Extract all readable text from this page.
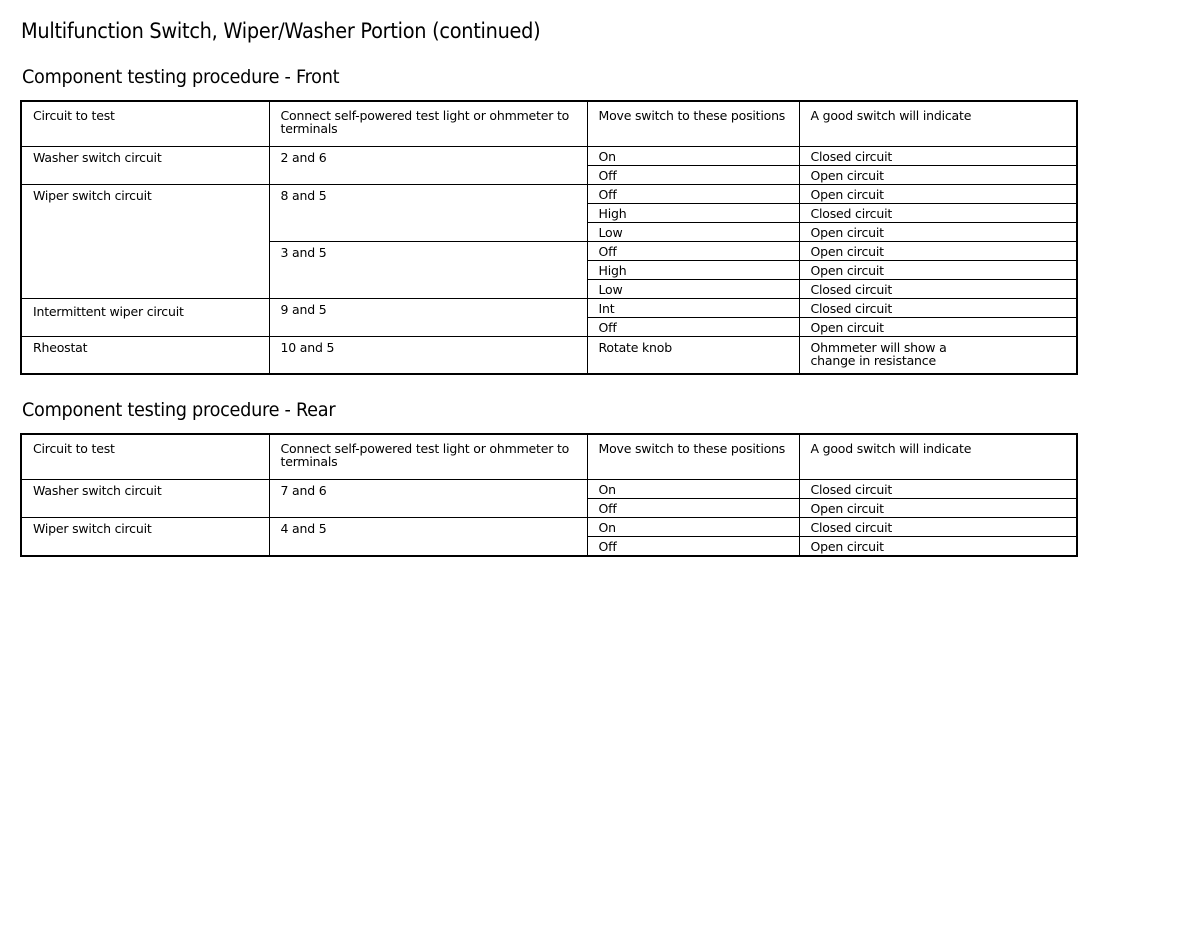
Multifunction Switch, Wiper/Washer Portion (continued)
Component testing procedure - Front
Circuit to test	Connect self-powered test light or ohmmeter to terminals	Move switch to these positions	A good switch will indicate
Washer switch circuit	2 and 6	On	Closed circuit
		Off	Open circuit
Wiper switch circuit	8 and 5	Off	Open circuit
		High	Closed circuit
		Low	Open circuit
	3 and 5	Off	Open circuit
		High	Open circuit
		Low	Closed circuit
Intermittent wiper circuit	9 and 5	Int	Closed circuit
		Off	Open circuit
Rheostat	10 and 5	Rotate knob	Ohmmeter will show a change in resistance
Component testing procedure - Rear
Circuit to test	Connect self-powered test light or ohmmeter to terminals	Move switch to these positions	A good switch will indicate
Washer switch circuit	7 and 6	On	Closed circuit
		Off	Open circuit
Wiper switch circuit	4 and 5	On	Closed circuit
		Off	Open circuit
